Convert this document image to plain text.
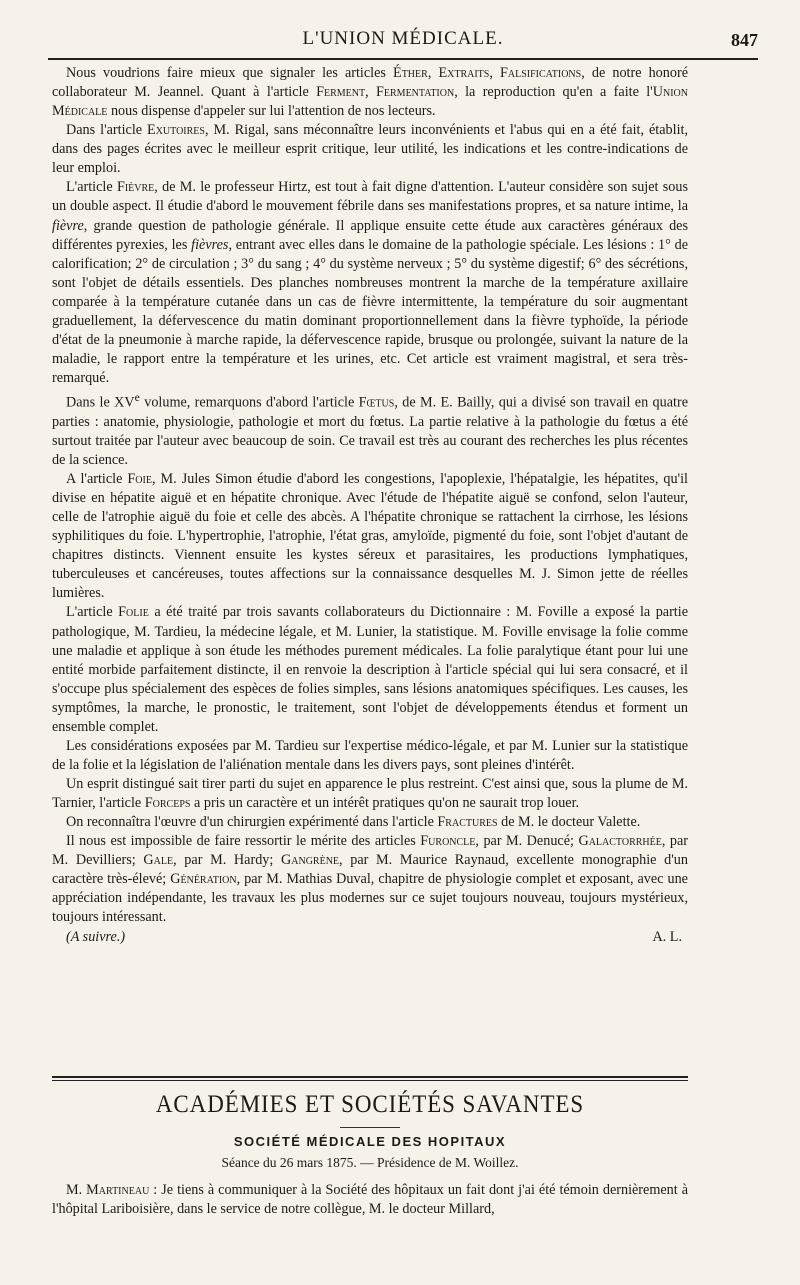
L'UNION MÉDICALE.	847

Nous voudrions faire mieux que signaler les articles Éther, Extraits, Falsifications, de notre honoré collaborateur M. Jeannel. Quant à l'article Ferment, Fermentation, la reproduction qu'en a faite l'Union Médicale nous dispense d'appeler sur lui l'attention de nos lecteurs.

Dans l'article Exutoires, M. Rigal, sans méconnaître leurs inconvénients et l'abus qui en a été fait, établit, dans des pages écrites avec le meilleur esprit critique, leur utilité, les indications et les contre-indications de leur emploi.

L'article Fièvre, de M. le professeur Hirtz, est tout à fait digne d'attention. L'auteur considère son sujet sous un double aspect. Il étudie d'abord le mouvement fébrile dans ses manifestations propres, et sa nature intime, la fièvre, grande question de pathologie générale. Il applique ensuite cette étude aux caractères généraux des différentes pyrexies, les fièvres, entrant avec elles dans le domaine de la pathologie spéciale. Les lésions : 1° de calorification; 2° de circulation ; 3° du sang ; 4° du système nerveux ; 5° du système digestif; 6° des sécrétions, sont l'objet de détails essentiels. Des planches nombreuses montrent la marche de la température axillaire comparée à la température cutanée dans un cas de fièvre intermittente, la température du soir augmentant graduellement, la défervescence du matin dominant proportionnellement dans la fièvre typhoïde, la période d'état de la pneumonie à marche rapide, la défervescence rapide, brusque ou prolongée, suivant la nature de la maladie, le rapport entre la température et les urines, etc. Cet article est vraiment magistral, et sera très-remarqué.

Dans le XVe volume, remarquons d'abord l'article Fœtus, de M. E. Bailly, qui a divisé son travail en quatre parties : anatomie, physiologie, pathologie et mort du fœtus. La partie relative à la pathologie du fœtus a été surtout traitée par l'auteur avec beaucoup de soin. Ce travail est très au courant des recherches les plus récentes de la science.

A l'article Foie, M. Jules Simon étudie d'abord les congestions, l'apoplexie, l'hépatalgie, les hépatites, qu'il divise en hépatite aiguë et en hépatite chronique. Avec l'étude de l'hépatite aiguë se confond, selon l'auteur, celle de l'atrophie aiguë du foie et celle des abcès. A l'hépatite chronique se rattachent la cirrhose, les lésions syphilitiques du foie. L'hypertrophie, l'atrophie, l'état gras, amyloïde, pigmenté du foie, sont l'objet d'autant de chapitres distincts. Viennent ensuite les kystes séreux et parasitaires, les productions lymphatiques, tuberculeuses et cancéreuses, toutes affections sur la connaissance desquelles M. J. Simon jette de réelles lumières.

L'article Folie a été traité par trois savants collaborateurs du Dictionnaire : M. Foville a exposé la partie pathologique, M. Tardieu, la médecine légale, et M. Lunier, la statistique. M. Foville envisage la folie comme une maladie et applique à son étude les méthodes purement médicales. La folie paralytique étant pour lui une entité morbide parfaitement distincte, il en renvoie la description à l'article spécial qui lui sera consacré, et il s'occupe plus spécialement des espèces de folies simples, sans lésions anatomiques spécifiques. Les causes, les symptômes, la marche, le pronostic, le traitement, sont l'objet de développements étendus et forment un ensemble complet.

Les considérations exposées par M. Tardieu sur l'expertise médico-légale, et par M. Lunier sur la statistique de la folie et la législation de l'aliénation mentale dans les divers pays, sont pleines d'intérêt.

Un esprit distingué sait tirer parti du sujet en apparence le plus restreint. C'est ainsi que, sous la plume de M. Tarnier, l'article Forceps a pris un caractère et un intérêt pratiques qu'on ne saurait trop louer.

On reconnaîtra l'œuvre d'un chirurgien expérimenté dans l'article Fractures de M. le docteur Valette.

Il nous est impossible de faire ressortir le mérite des articles Furoncle, par M. Denucé; Galactorrhée, par M. Devilliers; Gale, par M. Hardy; Gangrène, par M. Maurice Raynaud, excellente monographie d'un caractère très-élevé; Génération, par M. Mathias Duval, chapitre de physiologie complet et exposant, avec une appréciation indépendante, les travaux les plus modernes sur ce sujet toujours nouveau, toujours mystérieux, toujours intéressant.

(A suivre.)	A. L.
ACADÉMIES ET SOCIÉTÉS SAVANTES
SOCIÉTÉ MÉDICALE DES HOPITAUX
Séance du 26 mars 1875. — Présidence de M. Woillez.

M. Martineau : Je tiens à communiquer à la Société des hôpitaux un fait dont j'ai été témoin dernièrement à l'hôpital Lariboisière, dans le service de notre collègue, M. le docteur Millard,
